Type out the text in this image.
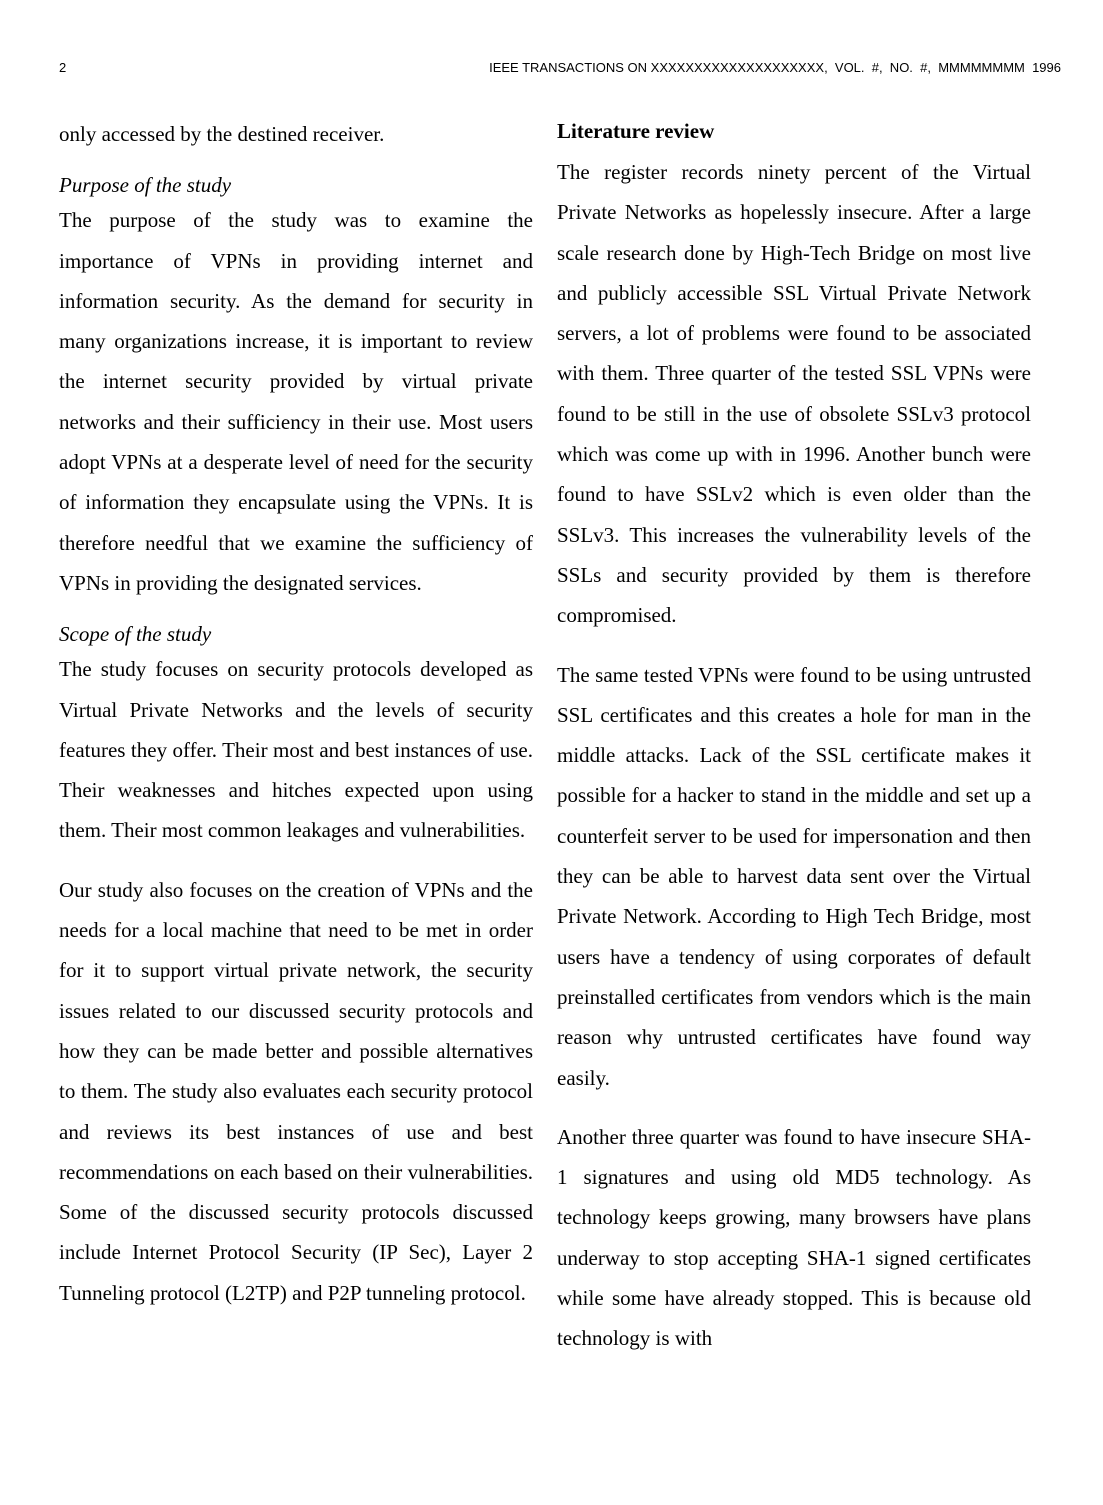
2	IEEE TRANSACTIONS ON XXXXXXXXXXXXXXXXXXXX,  VOL.  #,  NO.  #,  MMMMMMMM  1996

only accessed by the destined receiver.

Purpose of the study

The purpose of the study was to examine the importance of VPNs in providing internet and information security. As the demand for security in many organizations increase, it is important to review the internet security provided by virtual private networks and their sufficiency in their use. Most users adopt VPNs at a desperate level of need for the security of information they encapsulate using the VPNs. It is therefore needful that we examine the sufficiency of VPNs in providing the designated services.

Scope of the study

The study focuses on security protocols developed as Virtual Private Networks and the levels of security features they offer. Their most and best instances of use. Their weaknesses and hitches expected upon using them. Their most common leakages and vulnerabilities.

Our study also focuses on the creation of VPNs and the needs for a local machine that need to be met in order for it to support virtual private network, the security issues related to our discussed security protocols and how they can be made better and possible alternatives to them. The study also evaluates each security protocol and reviews its best instances of use and best recommendations on each based on their vulnerabilities. Some of the discussed security protocols discussed include Internet Protocol Security (IP Sec), Layer 2 Tunneling protocol (L2TP) and P2P tunneling protocol.

Literature review

The register records ninety percent of the Virtual Private Networks as hopelessly insecure. After a large scale research done by High-Tech Bridge on most live and publicly accessible SSL Virtual Private Network servers, a lot of problems were found to be associated with them. Three quarter of the tested SSL VPNs were found to be still in the use of obsolete SSLv3 protocol which was come up with in 1996. Another bunch were found to have SSLv2 which is even older than the SSLv3. This increases the vulnerability levels of the SSLs and security provided by them is therefore compromised.

The same tested VPNs were found to be using untrusted SSL certificates and this creates a hole for man in the middle attacks. Lack of the SSL certificate makes it possible for a hacker to stand in the middle and set up a counterfeit server to be used for impersonation and then they can be able to harvest data sent over the Virtual Private Network. According to High Tech Bridge, most users have a tendency of using corporates of default preinstalled certificates from vendors which is the main reason why untrusted certificates have found way easily.

Another three quarter was found to have insecure SHA-1 signatures and using old MD5 technology. As technology keeps growing, many browsers have plans underway to stop accepting SHA-1 signed certificates while some have already stopped. This is because old technology is with
